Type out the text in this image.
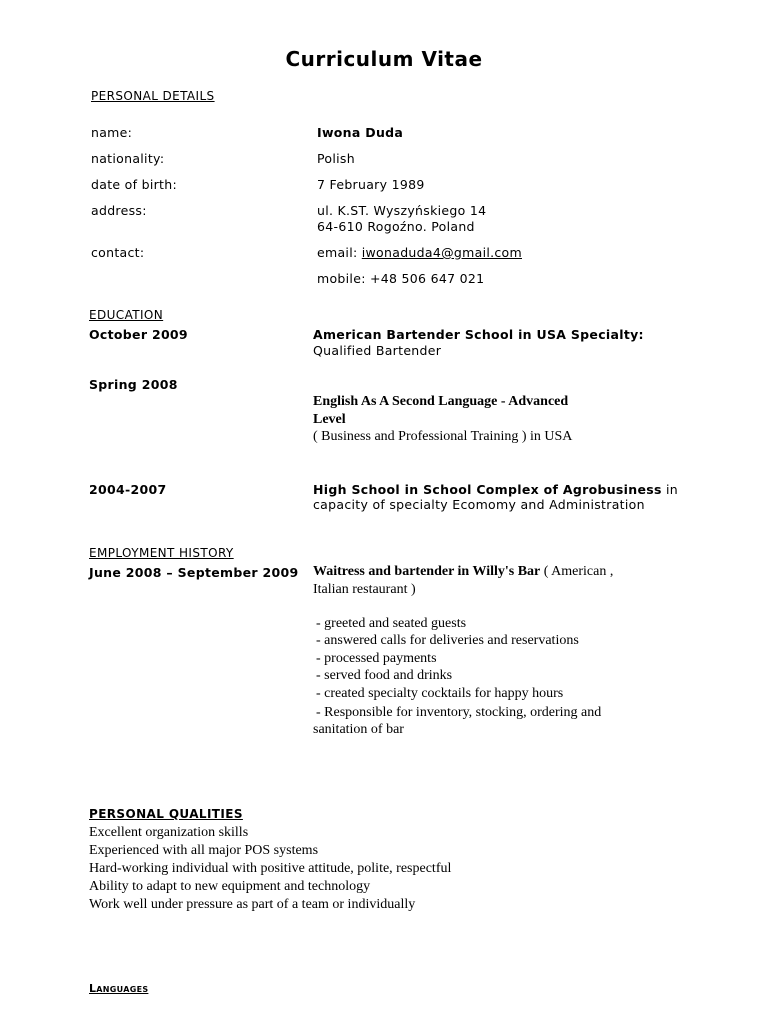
Curriculum Vitae
PERSONAL DETAILS
name:	Iwona Duda
nationality:	Polish
date of birth:	7 February 1989
address:	ul. K.ST. Wyszyńskiego 14
64-610 Rogoźno. Poland
contact:	email: iwonaduda4@gmail.com
mobile: +48 506 647 021
EDUCATION
October 2009	American Bartender School in USA Specialty:
Qualified Bartender
Spring 2008
English As A Second Language - Advanced
Level
( Business and Professional Training ) in USA
2004-2007	High School in School Complex of Agrobusiness in
capacity of specialty Ecomomy and Administration
EMPLOYMENT HISTORY
June 2008 – September 2009 Waitress and bartender in Willy's Bar ( American ,
Italian restaurant )
- greeted and seated guests
- answered calls for deliveries and reservations
- processed payments
- served food and drinks
- created specialty cocktails for happy hours
- Responsible for inventory, stocking, ordering and
sanitation of bar
PERSONAL QUALITIES
Excellent organization skills
Experienced with all major POS systems
Hard-working individual with positive attitude, polite, respectful
Ability to adapt to new equipment and technology
Work well under pressure as part of a team or individually
Languages
